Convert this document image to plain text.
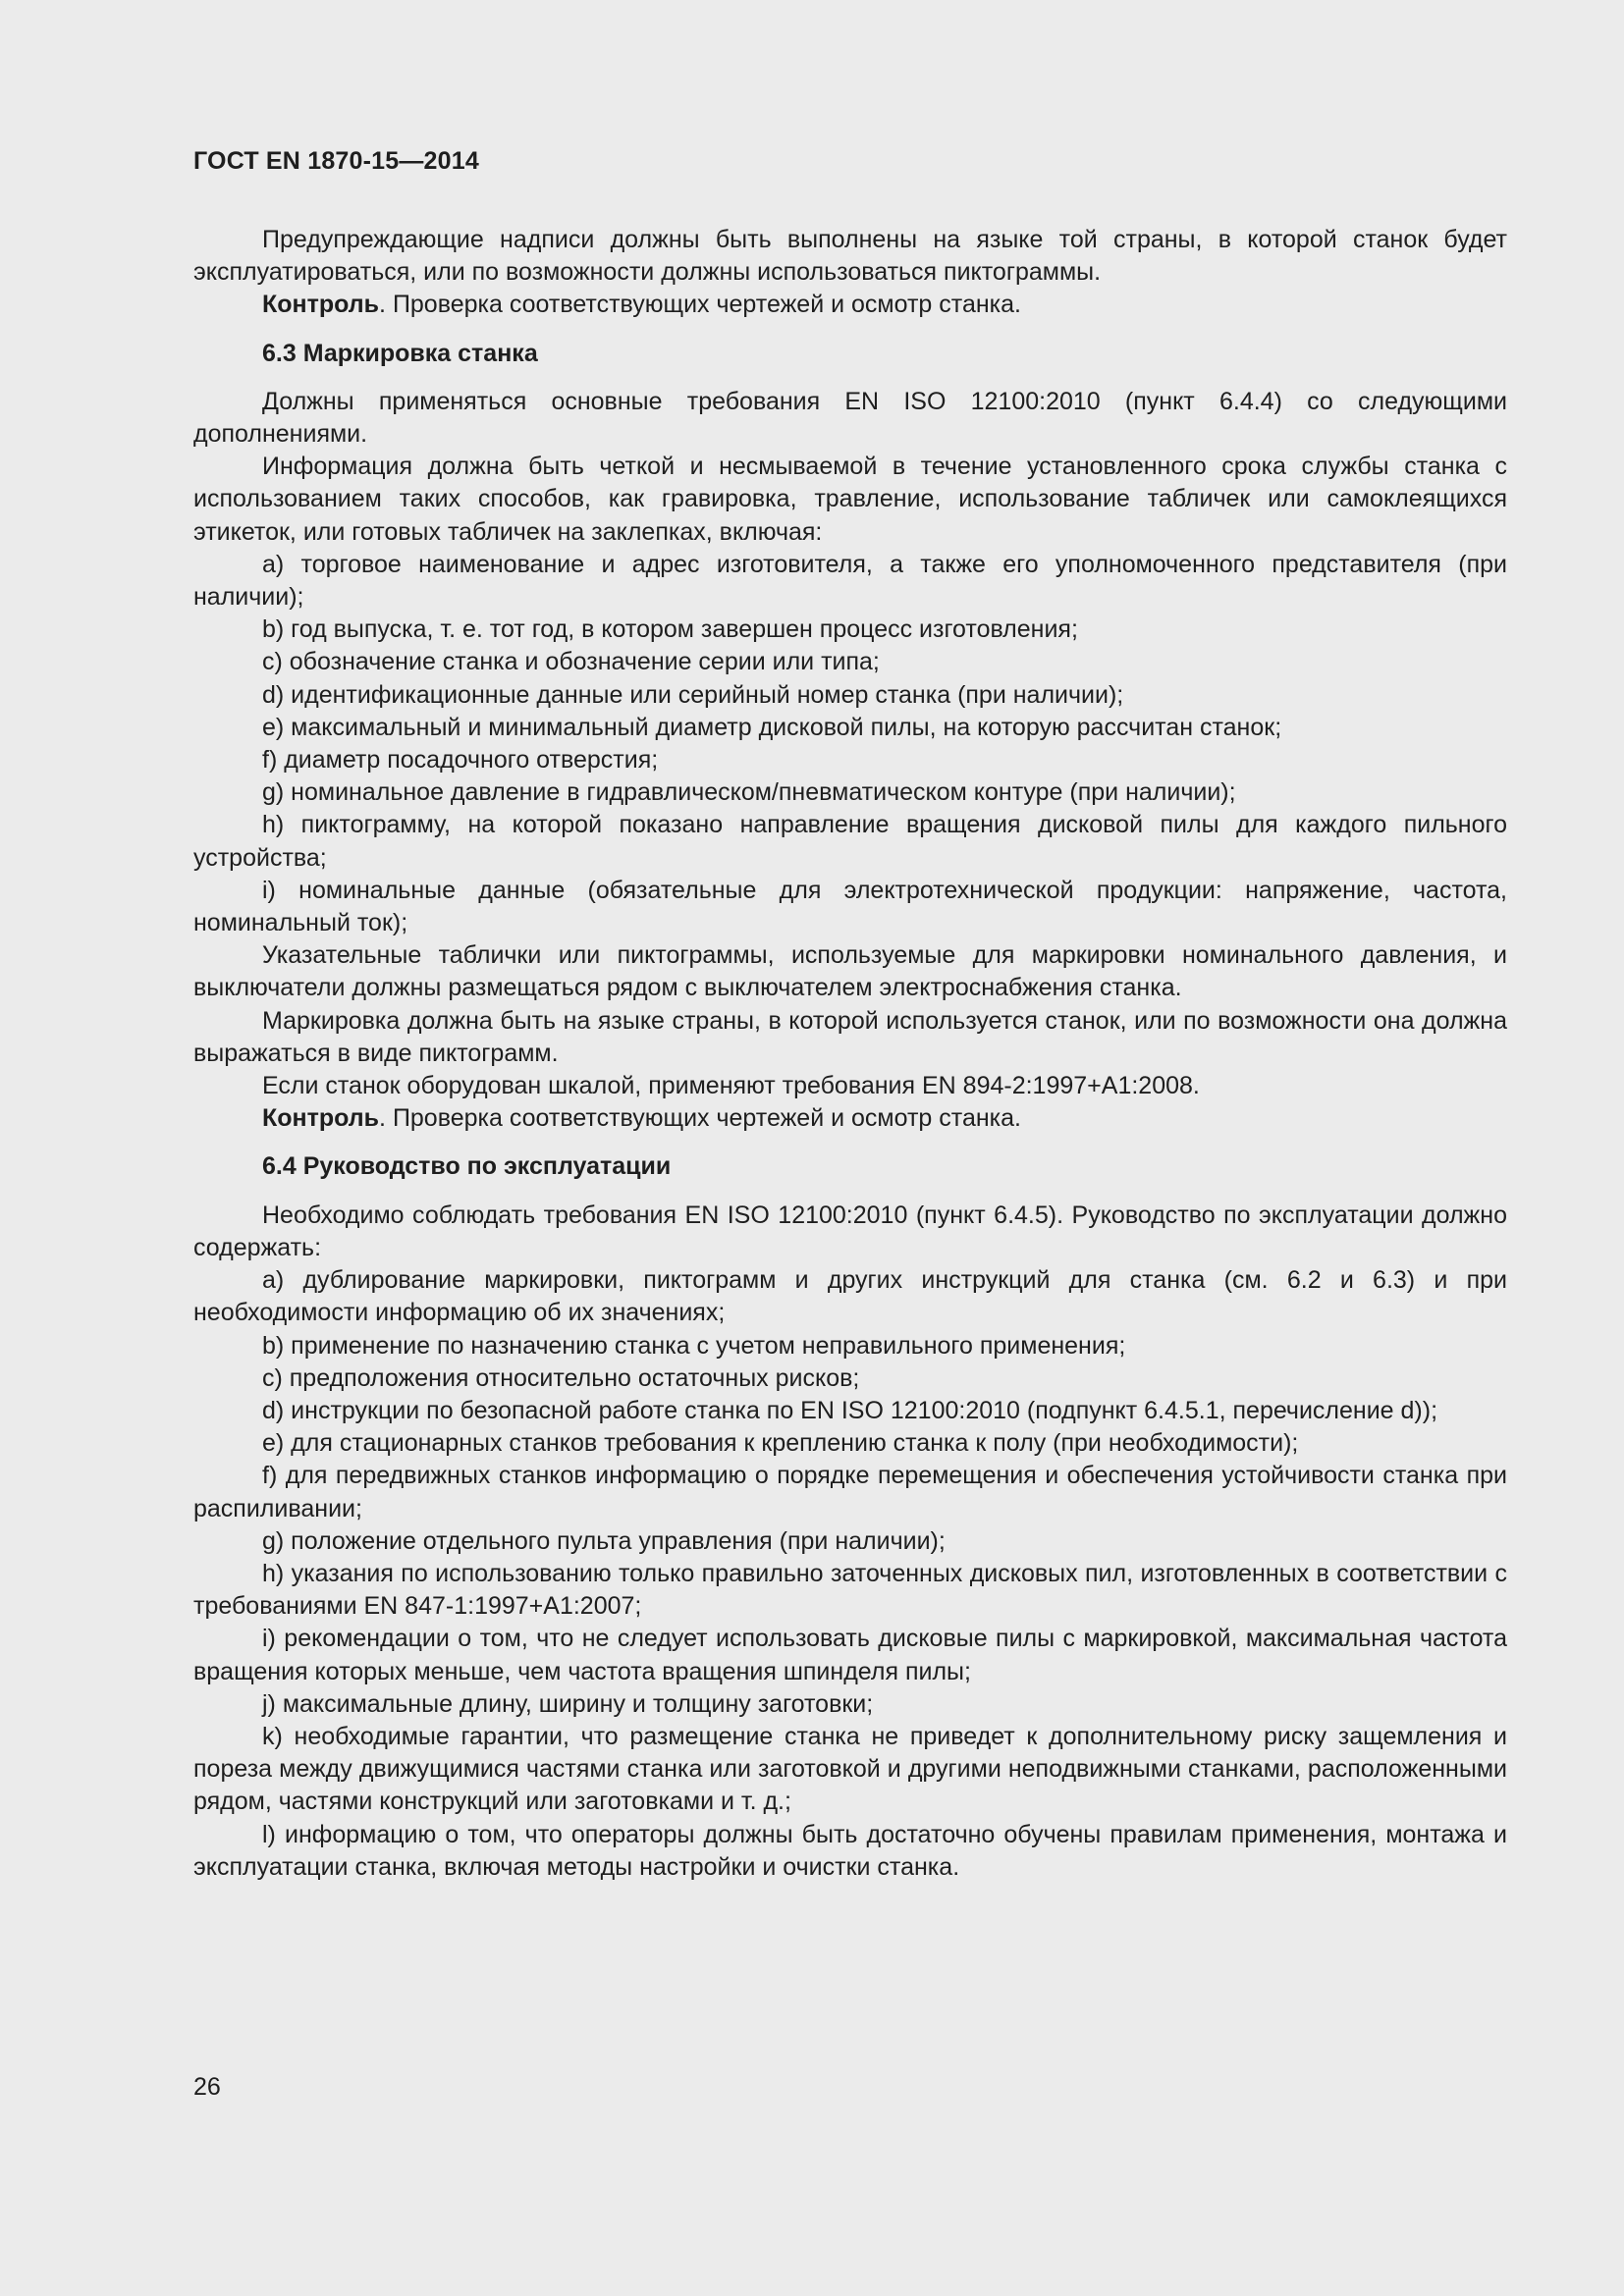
ГОСТ EN 1870-15—2014

Предупреждающие надписи должны быть выполнены на языке той страны, в которой станок будет эксплуатироваться, или по возможности должны использоваться пиктограммы.

Контроль. Проверка соответствующих чертежей и осмотр станка.

6.3 Маркировка станка

Должны применяться основные требования EN ISO 12100:2010 (пункт 6.4.4) со следующими дополнениями.

Информация должна быть четкой и несмываемой в течение установленного срока службы станка с использованием таких способов, как гравировка, травление, использование табличек или самоклеящихся этикеток, или готовых табличек на заклепках, включая:

a) торговое наименование и адрес изготовителя, а также его уполномоченного представителя (при наличии);

b) год выпуска, т. е. тот год, в котором завершен процесс изготовления;

c) обозначение станка и обозначение серии или типа;

d) идентификационные данные или серийный номер станка (при наличии);

e) максимальный и минимальный диаметр дисковой пилы, на которую рассчитан станок;

f) диаметр посадочного отверстия;

g) номинальное давление в гидравлическом/пневматическом контуре (при наличии);

h) пиктограмму, на которой показано направление вращения дисковой пилы для каждого пильного устройства;

i) номинальные данные (обязательные для электротехнической продукции: напряжение, частота, номинальный ток);

Указательные таблички или пиктограммы, используемые для маркировки номинального давления, и выключатели должны размещаться рядом с выключателем электроснабжения станка.

Маркировка должна быть на языке страны, в которой используется станок, или по возможности она должна выражаться в виде пиктограмм.

Если станок оборудован шкалой, применяют требования EN 894-2:1997+A1:2008.

Контроль. Проверка соответствующих чертежей и осмотр станка.

6.4 Руководство по эксплуатации

Необходимо соблюдать требования EN ISO 12100:2010 (пункт 6.4.5). Руководство по эксплуатации должно содержать:

a) дублирование маркировки, пиктограмм и других инструкций для станка (см. 6.2 и 6.3) и при необходимости информацию об их значениях;

b) применение по назначению станка с учетом неправильного применения;

c) предположения относительно остаточных рисков;

d) инструкции по безопасной работе станка по EN ISO 12100:2010 (подпункт 6.4.5.1, перечисление d));

e) для стационарных станков требования к креплению станка к полу (при необходимости);

f) для передвижных станков информацию о порядке перемещения и обеспечения устойчивости станка при распиливании;

g) положение отдельного пульта управления (при наличии);

h) указания по использованию только правильно заточенных дисковых пил, изготовленных в соответствии с требованиями EN 847-1:1997+A1:2007;

i) рекомендации о том, что не следует использовать дисковые пилы с маркировкой, максимальная частота вращения которых меньше, чем частота вращения шпинделя пилы;

j) максимальные длину, ширину и толщину заготовки;

k) необходимые гарантии, что размещение станка не приведет к дополнительному риску защемления и пореза между движущимися частями станка или заготовкой и другими неподвижными станками, расположенными рядом, частями конструкций или заготовками и т. д.;

l) информацию о том, что операторы должны быть достаточно обучены правилам применения, монтажа и эксплуатации станка, включая методы настройки и очистки станка.

26
